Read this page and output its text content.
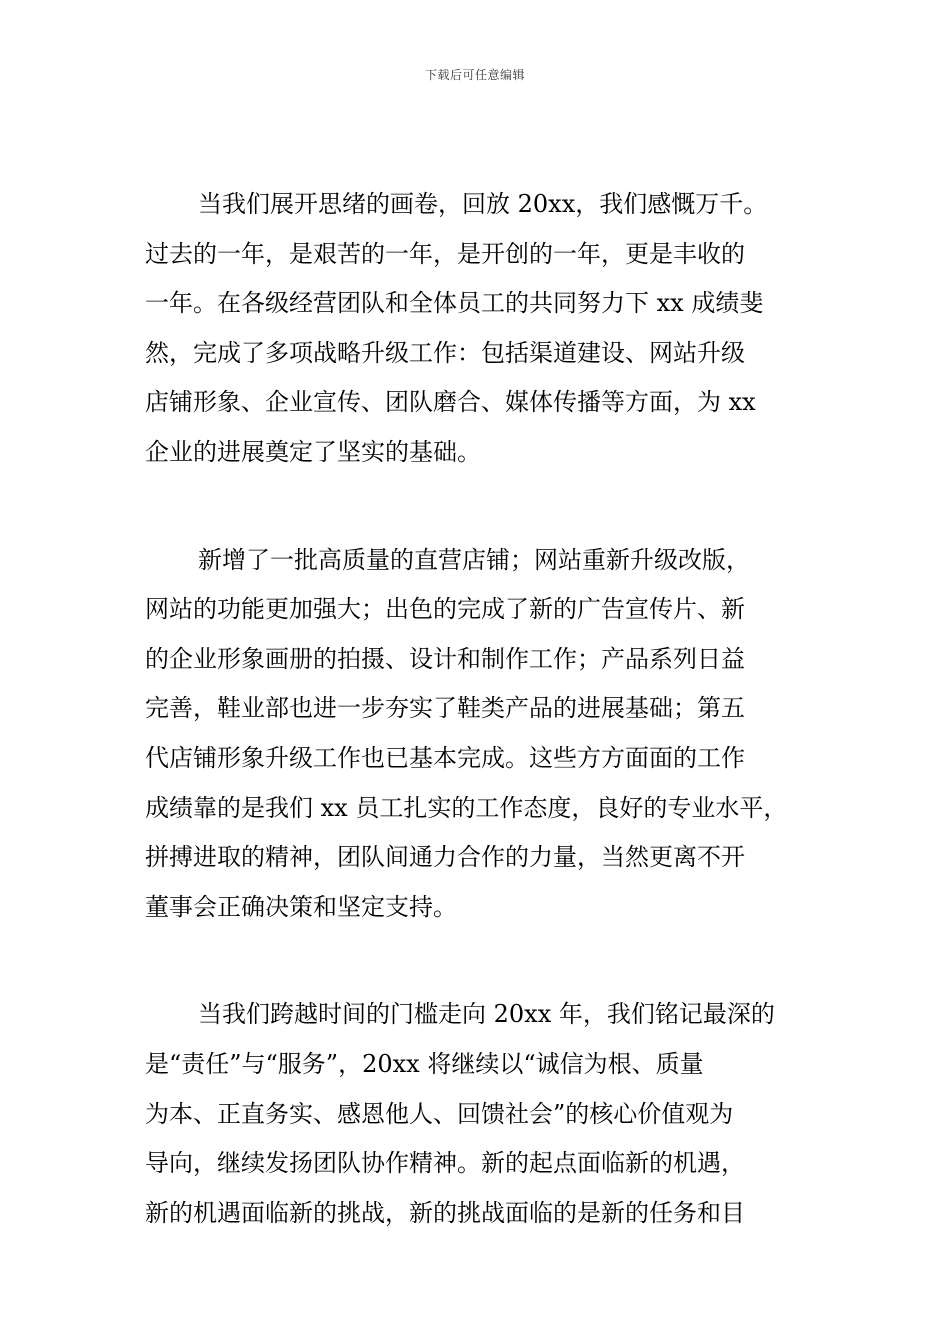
下载后可任意编辑

当我们展开思绪的画卷，回放 20xx，我们感慨万千。
过去的一年，是艰苦的一年，是开创的一年，更是丰收的
一年。在各级经营团队和全体员工的共同努力下 xx 成绩斐
然，完成了多项战略升级工作：包括渠道建设、网站升级
店铺形象、企业宣传、团队磨合、媒体传播等方面，为 xx
企业的进展奠定了坚实的基础。

新增了一批高质量的直营店铺；网站重新升级改版，
网站的功能更加强大；出色的完成了新的广告宣传片、新
的企业形象画册的拍摄、设计和制作工作；产品系列日益
完善，鞋业部也进一步夯实了鞋类产品的进展基础；第五
代店铺形象升级工作也已基本完成。这些方方面面的工作
成绩靠的是我们 xx 员工扎实的工作态度，良好的专业水平，
拼搏进取的精神，团队间通力合作的力量，当然更离不开
董事会正确决策和坚定支持。

当我们跨越时间的门槛走向 20xx 年，我们铭记最深的
是“责任”与“服务”，20xx 将继续以“诚信为根、质量
为本、正直务实、感恩他人、回馈社会”的核心价值观为
导向，继续发扬团队协作精神。新的起点面临新的机遇，
新的机遇面临新的挑战，新的挑战面临的是新的任务和目
